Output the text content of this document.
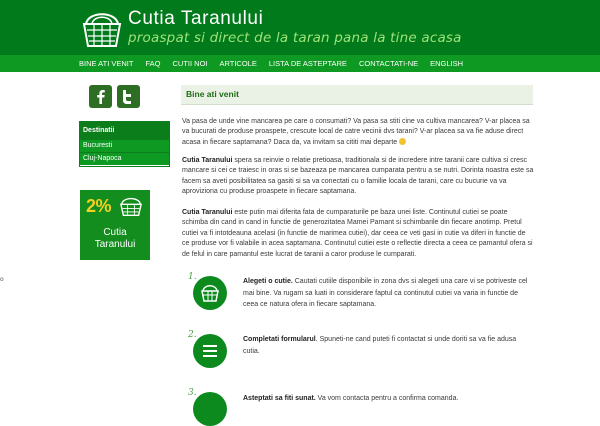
Cutia Taranului
proaspat si direct de la taran pana la tine acasa
BINE ATI VENIT	FAQ	CUTII NOI	ARTICOLE	LISTA DE ASTEPTARE	CONTACTATI-NE	ENGLISH
Destinatii
Bucuresti
Cluj-Napoca
2%
Cutia
Taranului
Bine ati venit
Va pasa de unde vine mancarea pe care o consumati? Va pasa sa stiti cine va cultiva mancarea? V-ar placea sa va bucurati de produse proaspete, crescute local de catre vecinii dvs tarani? V-ar placea sa va fie aduse direct acasa in fiecare saptamana? Daca da, va invitam sa cititi mai departe
Cutia Taranului spera sa reinvie o relatie pretioasa, traditionala si de incredere intre taranii care cultiva si cresc mancare si cei ce traiesc in oras si se bazeaza pe mancarea cumparata pentru a se nutri. Dorinta noastra este sa facem sa aveti posibilitatea sa gasiti si sa va conectati cu o familie locala de tarani, care cu bucurie va va aproviziona cu produse proaspete in fiecare saptamana.
Cutia Taranului este putin mai diferita fata de cumparaturile pe baza unei liste. Continutul cutiei se poate schimba din cand in cand in functie de generozitatea Mamei Pamant si schimbarile din fiecare anotimp. Pretul cutiei va fi intotdeauna acelasi (in functie de marimea cutiei), dar ceea ce veti gasi in cutie va diferi in functie de ce produse vor fi valabile in acea saptamana. Continutul cutiei este o reflectie directa a ceea ce pamantul ofera si de felul in care pamantul este lucrat de taranii a caror produse le cumparati.
1.	Alegeti o cutie. Cautati cutiile disponibile in zona dvs si alegeti una care vi se potriveste cel mai bine. Va rugam sa luati in considerare faptul ca continutul cutiei va varia in functie de ceea ce natura ofera in fiecare saptamana.
2.	Completati formularul. Spuneti-ne cand puteti fi contactat si unde doriti sa va fie adusa cutia.
3.
Asteptati sa fiti sunat. Va vom contacta pentru a confirma comanda.
o
